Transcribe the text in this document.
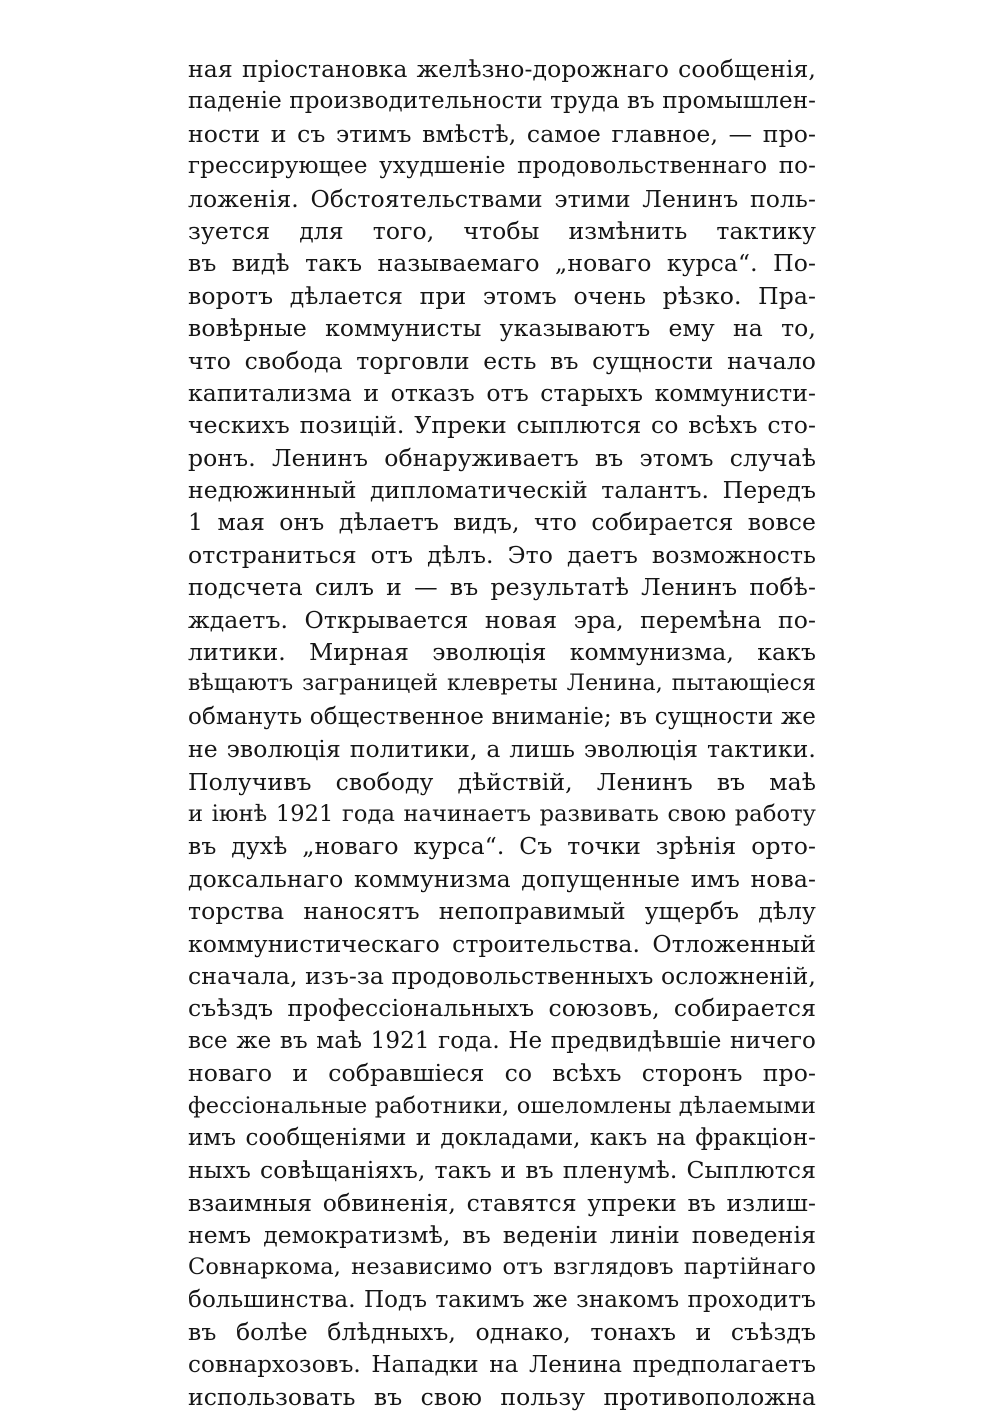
ная пріостановка желѣзно-дорожнаго сообщенія,
паденіе производительности труда въ промышлен-
ности и съ этимъ вмѣстѣ, самое главное, — про-
грессирующее ухудшеніе продовольственнаго по-
ложенія. Обстоятельствами этими Ленинъ поль-
зуется для того, чтобы измѣнить тактику
въ видѣ такъ называемаго „новаго курса“. По-
воротъ дѣлается при этомъ очень рѣзко. Пра-
вовѣрные коммунисты указываютъ ему на то,
что свобода торговли есть въ сущности начало
капитализма и отказъ отъ старыхъ коммунисти-
ческихъ позицій. Упреки сыплются со всѣхъ сто-
ронъ. Ленинъ обнаруживаетъ въ этомъ случаѣ
недюжинный дипломатическій талантъ. Передъ
1 мая онъ дѣлаетъ видъ, что собирается вовсе
отстраниться отъ дѣлъ. Это даетъ возможность
подсчета силъ и — въ результатѣ Ленинъ побѣ-
ждаетъ. Открывается новая эра, перемѣна по-
литики. Мирная эволюція коммунизма, какъ
вѣщаютъ заграницей клевреты Ленина, пытающіеся
обмануть общественное вниманіе; въ сущности же
не эволюція политики, а лишь эволюція тактики.
Получивъ свободу дѣйствій, Ленинъ въ маѣ
и іюнѣ 1921 года начинаетъ развивать свою работу
въ духѣ „новаго курса“. Съ точки зрѣнія орто-
доксальнаго коммунизма допущенные имъ нова-
торства наносятъ непоправимый ущербъ дѣлу
коммунистическаго строительства. Отложенный
сначала, изъ-за продовольственныхъ осложненій,
съѣздъ профессіональныхъ союзовъ, собирается
все же въ маѣ 1921 года. Не предвидѣвшіе ничего
новаго и собравшіеся со всѣхъ сторонъ про-
фессіональные работники, ошеломлены дѣлаемыми
имъ сообщеніями и докладами, какъ на фракціон-
ныхъ совѣщаніяхъ, такъ и въ пленумѣ. Сыплются
взаимныя обвиненія, ставятся упреки въ излиш-
немъ демократизмѣ, въ веденіи линіи поведенія
Совнаркома, независимо отъ взглядовъ партійнаго
большинства. Подъ такимъ же знакомъ проходитъ
въ болѣе блѣдныхъ, однако, тонахъ и съѣздъ
совнархозовъ. Нападки на Ленина предполагаетъ
использовать въ свою пользу противоположна
